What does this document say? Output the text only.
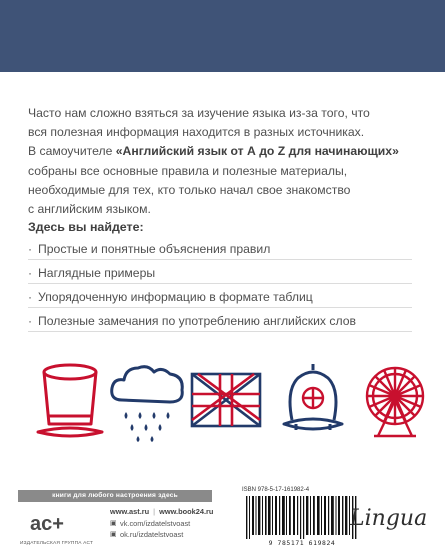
Часто нам сложно взяться за изучение языка из-за того, что
вся полезная информация находится в разных источниках.
В самоучителе «Английский язык от А до Z для начинающих»
собраны все основные правила и полезные материалы,
необходимые для тех, кто только начал свое знакомство
с английским языком.

Здесь вы найдете:

· Простые и понятные объяснения правил
· Наглядные примеры
· Упорядоченную информацию в формате таблиц
· Полезные замечания по употреблению английских слов
книги для любого настроения здесь
ac+
ИЗДАТЕЛЬСКАЯ ГРУППА АСТ
www.ast.ru | www.book24.ru
▣ vk.com/izdatelstvoast
▣ ok.ru/izdatelstvoast
ISBN 978-5-17-161982-4
9 785171 619824
Lingua
